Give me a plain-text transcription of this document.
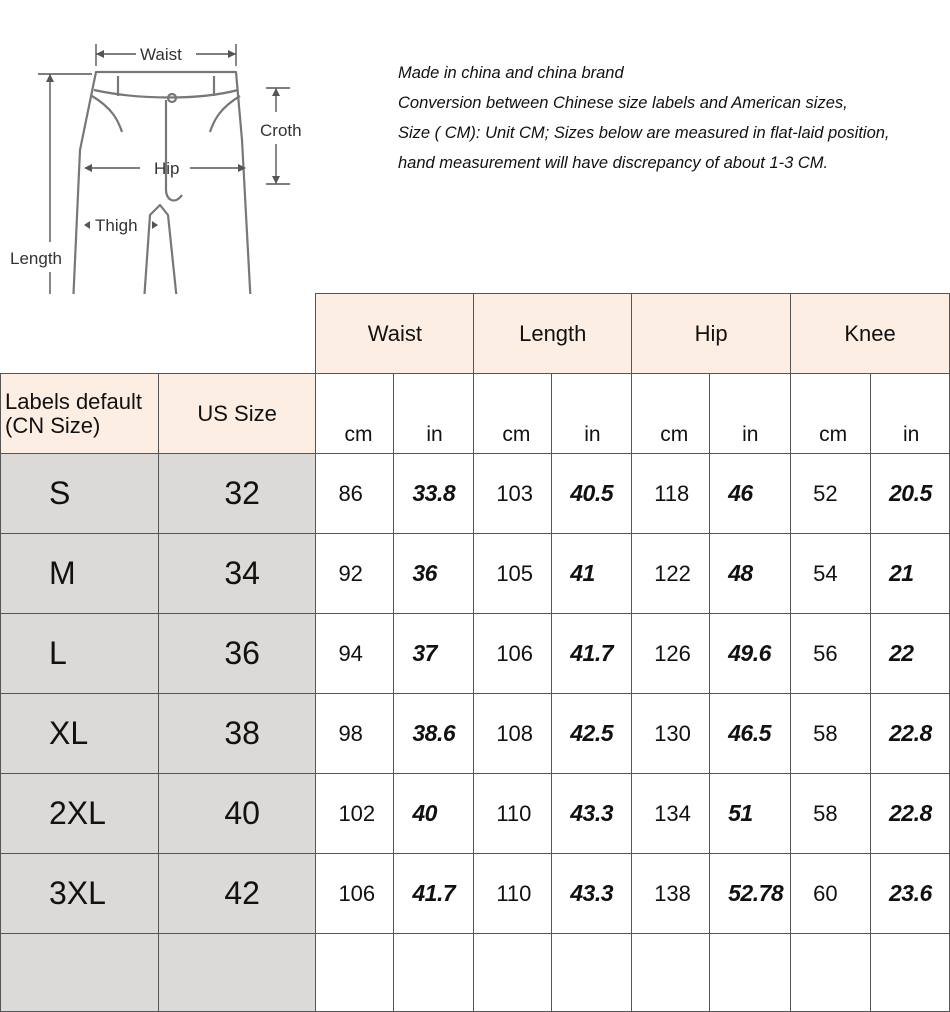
Waist
Croth
Hip
Thigh
Length
Made in china and china brand
Conversion between Chinese size labels and American sizes,
Size ( CM): Unit CM; Sizes below are measured in flat-laid position,
hand measurement will have discrepancy of about 1-3 CM.
		Waist		Length		Hip		Knee	
Labels default (CN Size)	US Size	cm	in	cm	in	cm	in	cm	in
S	32	86	33.8	103	40.5	118	46	52	20.5
M	34	92	36	105	41	122	48	54	21
L	36	94	37	106	41.7	126	49.6	56	22
XL	38	98	38.6	108	42.5	130	46.5	58	22.8
2XL	40	102	40	110	43.3	134	51	58	22.8
3XL	42	106	41.7	110	43.3	138	52.78	60	23.6
